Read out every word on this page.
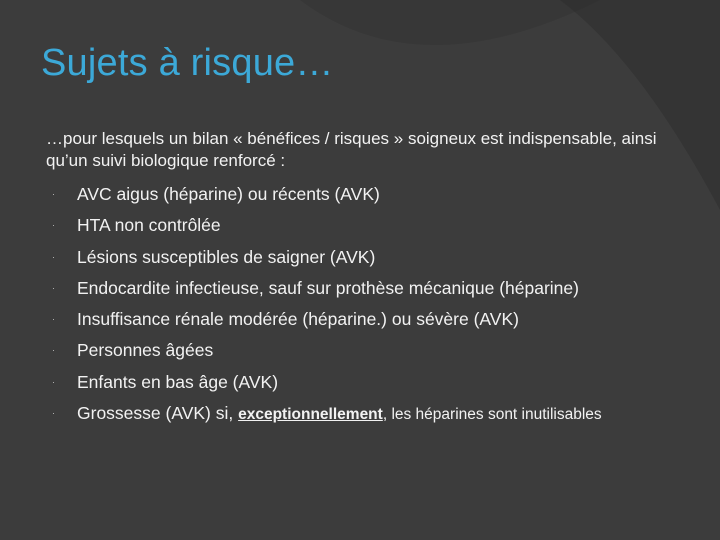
Sujets à risque…

…pour lesquels un bilan « bénéfices / risques » soigneux est indispensable, ainsi qu’un suivi biologique renforcé :

· AVC aigus (héparine) ou récents (AVK)
· HTA non contrôlée
· Lésions susceptibles de saigner (AVK)
· Endocardite infectieuse, sauf sur prothèse mécanique (héparine)
· Insuffisance rénale modérée (héparine.) ou sévère (AVK)
· Personnes âgées
· Enfants en bas âge (AVK)
· Grossesse (AVK) si, exceptionnellement, les héparines sont inutilisables
